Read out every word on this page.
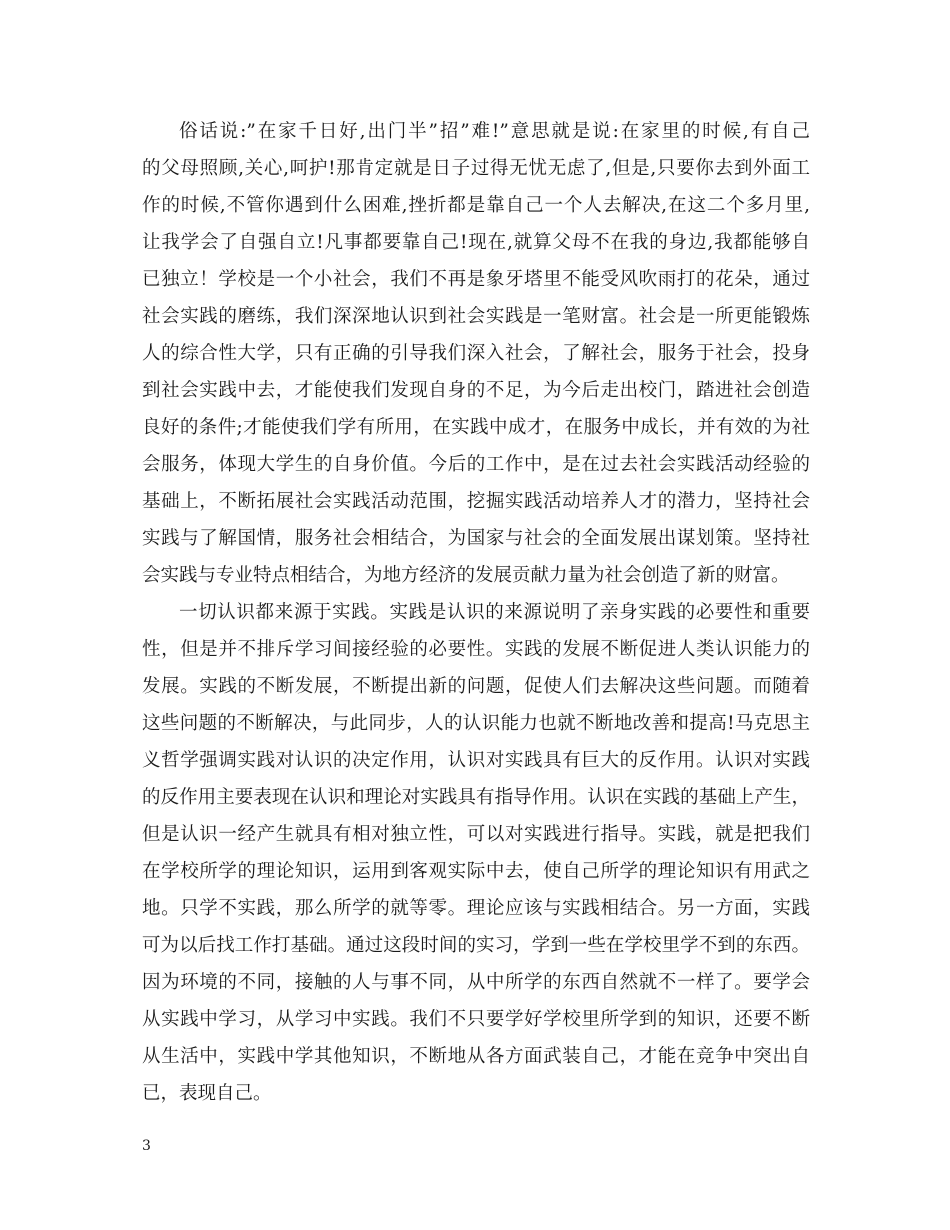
俗话说:”在家千日好,出门半”招”难!”意思就是说:在家里的时候,有自己
的父母照顾,关心,呵护!那肯定就是日子过得无忧无虑了,但是,只要你去到外面工
作的时候,不管你遇到什么困难,挫折都是靠自己一个人去解决,在这二个多月里,
让我学会了自强自立!凡事都要靠自己!现在,就算父母不在我的身边,我都能够自
已独立！学校是一个小社会，我们不再是象牙塔里不能受风吹雨打的花朵，通过
社会实践的磨练，我们深深地认识到社会实践是一笔财富。社会是一所更能锻炼
人的综合性大学，只有正确的引导我们深入社会，了解社会，服务于社会，投身
到社会实践中去，才能使我们发现自身的不足，为今后走出校门，踏进社会创造
良好的条件;才能使我们学有所用，在实践中成才，在服务中成长，并有效的为社
会服务，体现大学生的自身价值。今后的工作中，是在过去社会实践活动经验的
基础上，不断拓展社会实践活动范围，挖掘实践活动培养人才的潜力，坚持社会
实践与了解国情，服务社会相结合，为国家与社会的全面发展出谋划策。坚持社
会实践与专业特点相结合，为地方经济的发展贡献力量为社会创造了新的财富。
一切认识都来源于实践。实践是认识的来源说明了亲身实践的必要性和重要
性，但是并不排斥学习间接经验的必要性。实践的发展不断促进人类认识能力的
发展。实践的不断发展，不断提出新的问题，促使人们去解决这些问题。而随着
这些问题的不断解决，与此同步，人的认识能力也就不断地改善和提高!马克思主
义哲学强调实践对认识的决定作用，认识对实践具有巨大的反作用。认识对实践
的反作用主要表现在认识和理论对实践具有指导作用。认识在实践的基础上产生，
但是认识一经产生就具有相对独立性，可以对实践进行指导。实践，就是把我们
在学校所学的理论知识，运用到客观实际中去，使自己所学的理论知识有用武之
地。只学不实践，那么所学的就等零。理论应该与实践相结合。另一方面，实践
可为以后找工作打基础。通过这段时间的实习，学到一些在学校里学不到的东西。
因为环境的不同，接触的人与事不同，从中所学的东西自然就不一样了。要学会
从实践中学习，从学习中实践。我们不只要学好学校里所学到的知识，还要不断
从生活中，实践中学其他知识，不断地从各方面武装自己，才能在竞争中突出自
已，表现自己。
3
